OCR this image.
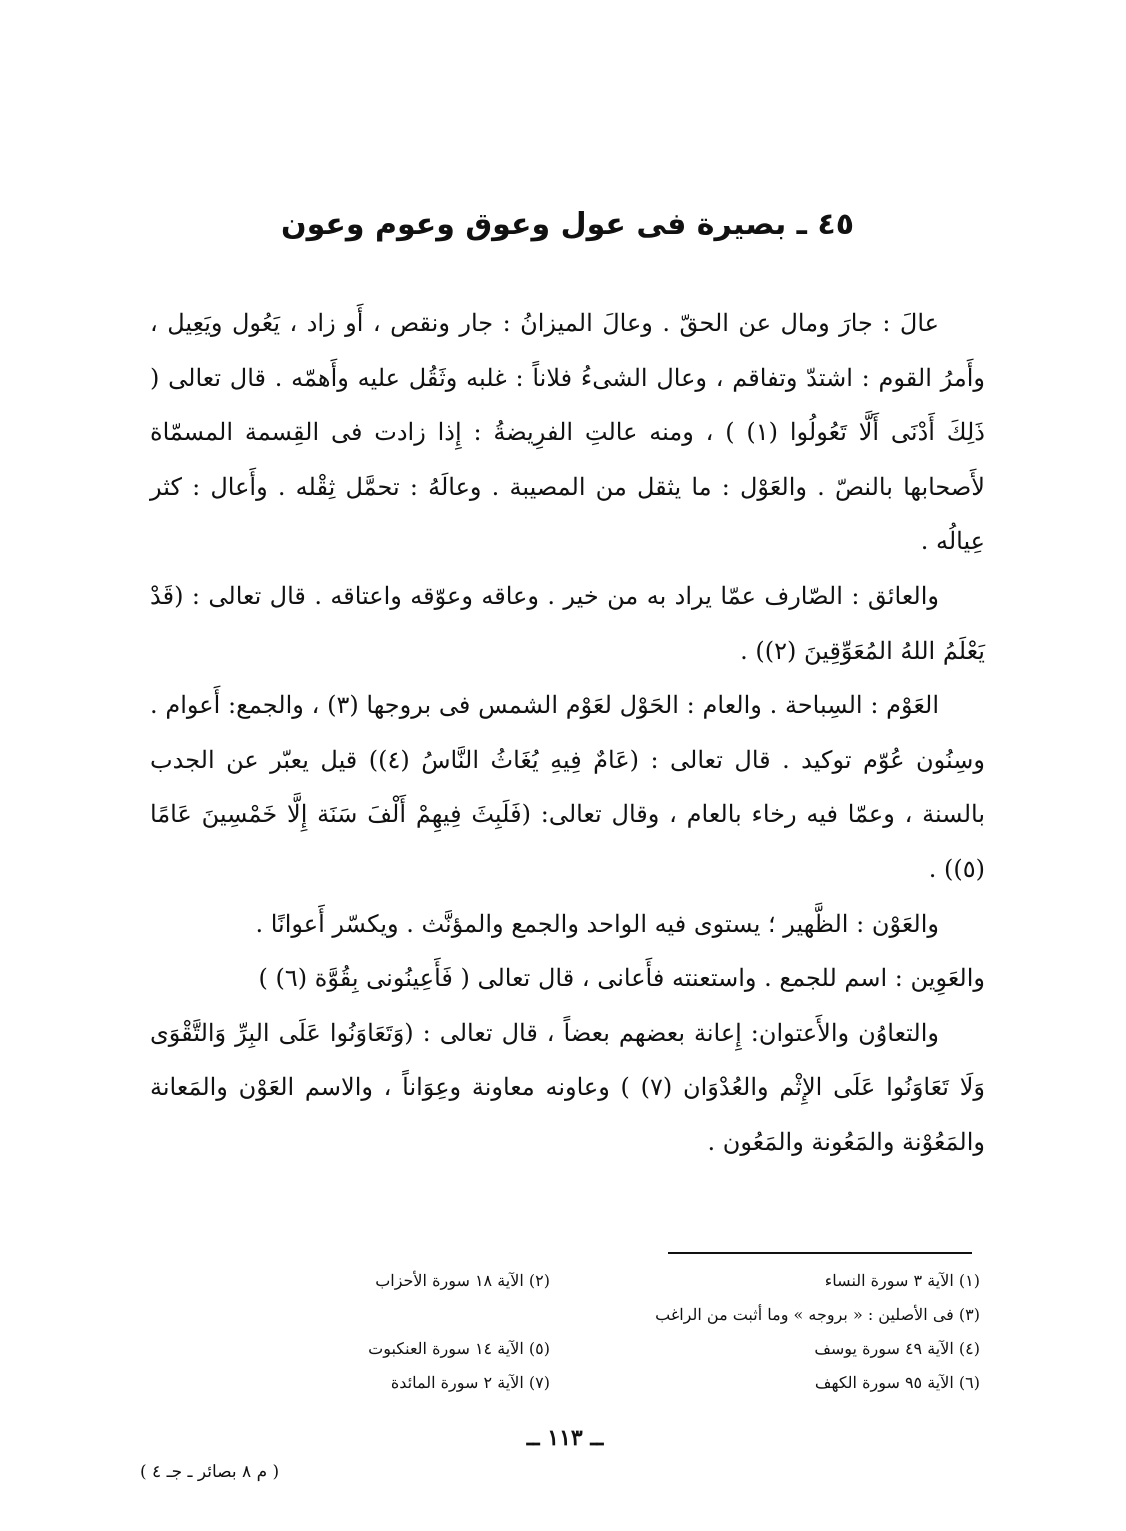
٤٥ ـ بصيرة فى عول وعوق وعوم وعون

عالَ : جارَ ومال عن الحقّ . وعالَ الميزانُ : جار ونقص ، أَو زاد ، يَعُول ويَعِيل ، وأَمرُ القوم : اشتدّ وتفاقم ، وعال الشىءُ فلاناً : غلبه وثَقُل عليه وأَهمّه . قال تعالى ( ذَلِكَ أَدْنَى أَلَّا تَعُولُوا (١) ) ، ومنه عالتِ الفرِيضةُ : إِذا زادت فى القِسمة المسمّاة لأَصحابها بالنصّ . والعَوْل : ما يثقل من المصيبة . وعالَهُ : تحمَّل ثِقْله . وأَعال : كثر عِيالُه .

والعائق : الصّارف عمّا يراد به من خير . وعاقه وعوّقه واعتاقه . قال تعالى : (قَدْ يَعْلَمُ اللهُ المُعَوِّقِينَ (٢)) .

العَوْم : السِباحة . والعام : الحَوْل لعَوْم الشمس فى بروجها (٣) ، والجمع: أَعوام . وسِنُون عُوّم توكيد . قال تعالى : (عَامٌ فِيهِ يُغَاثُ النَّاسُ (٤)) قيل يعبّر عن الجدب بالسنة ، وعمّا فيه رخاء بالعام ، وقال تعالى: (فَلَبِثَ فِيهِمْ أَلْفَ سَنَة إِلَّا خَمْسِينَ عَامًا (٥)) .

والعَوْن : الظَّهير ؛ يستوى فيه الواحد والجمع والمؤنَّث . ويكسّر أَعوانًا .

والعَوِين : اسم للجمع . واستعنته فأَعانى ، قال تعالى ( فَأَعِينُونى بِقُوَّة (٦) )

والتعاوُن والأَعتوان: إِعانة بعضهم بعضاً ، قال تعالى : (وَتَعَاوَنُوا عَلَى البِرِّ وَالتَّقْوَى وَلَا تَعَاوَنُوا عَلَى الإِثْم والعُدْوَان (٧) ) وعاونه معاونة وعِوَاناً ، والاسم العَوْن والمَعانة والمَعُوْنة والمَعُونة والمَعُون .

(١) الآية ٣ سورة النساء
(٢) الآية ١٨ سورة الأحزاب
(٣) فى الأصلين : « بروجه » وما أثبت من الراغب
(٤) الآية ٤٩ سورة يوسف
(٥) الآية ١٤ سورة العنكبوت
(٦) الآية ٩٥ سورة الكهف
(٧) الآية ٢ سورة المائدة
ــ ١١٣ ــ
( م ٨ بصائر ـ جـ ٤ )
